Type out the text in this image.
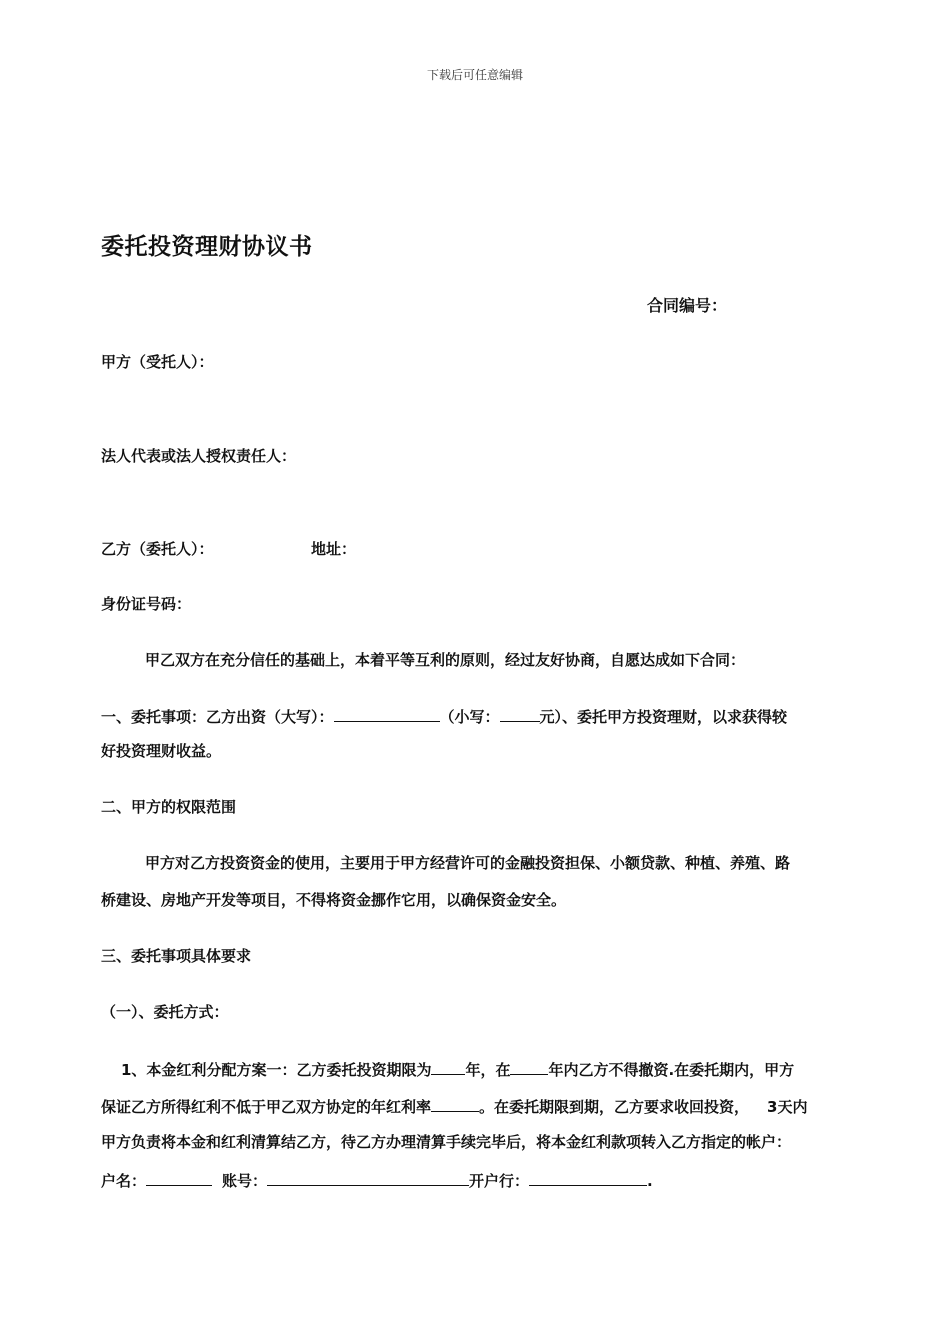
下载后可任意编辑
委托投资理财协议书
合同编号：
甲方（受托人）：
法人代表或法人授权责任人：
乙方（委托人）：	地址：
身份证号码：
甲乙双方在充分信任的基础上，本着平等互利的原则，经过友好协商，自愿达成如下合同：
一、委托事项：乙方出资（大写）：	（小写：	元）、委托甲方投资理财，以求获得较
好投资理财收益。
二、甲方的权限范围
甲方对乙方投资资金的使用，主要用于甲方经营许可的金融投资担保、小额贷款、种植、养殖、路
桥建设、房地产开发等项目，不得将资金挪作它用，以确保资金安全。
三、委托事项具体要求
（一）、委托方式：
1、本金红利分配方案一：乙方委托投资期限为 年，在	年内乙方不得撤资.在委托期内，甲方
保证乙方所得红利不低于甲乙双方协定的年红利率	。在委托期限到期，乙方要求收回投资， 3天内
甲方负责将本金和红利清算结乙方，待乙方办理清算手续完毕后，将本金红利款项转入乙方指定的帐户：
户名：	账号：	开户行：	.
